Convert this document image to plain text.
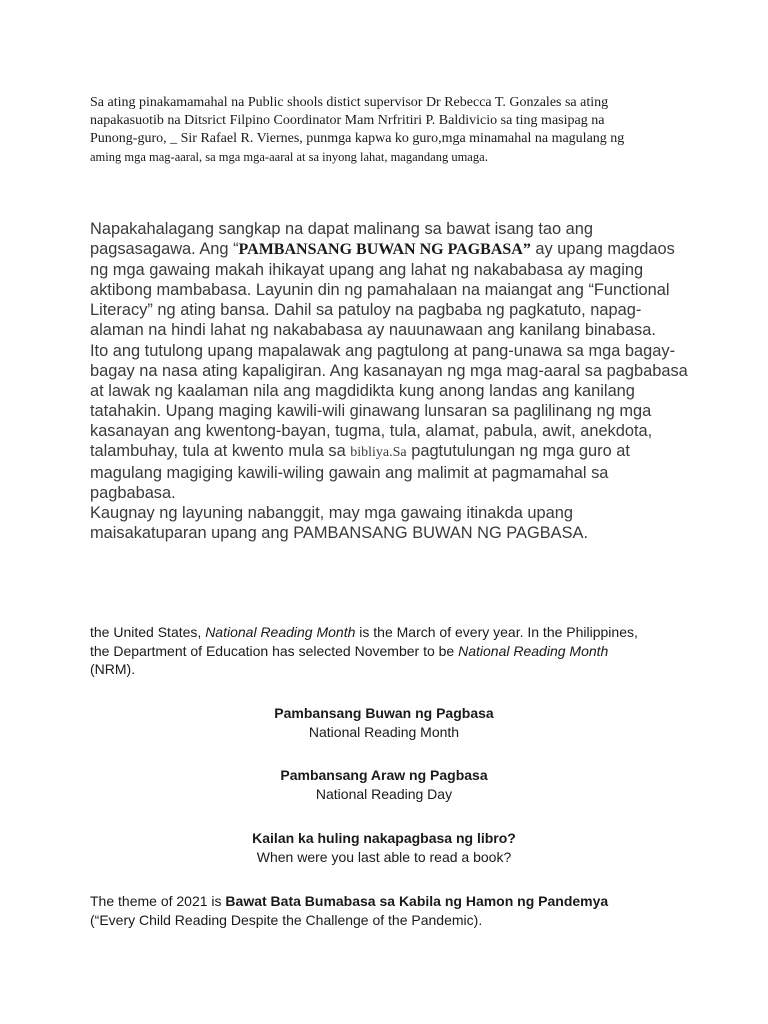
Sa ating pinakamamahal na Public shools distict supervisor Dr Rebecca T. Gonzales sa ating
napakasuotib na Ditsrict Filpino Coordinator Mam Nrfritiri P. Baldivicio sa ting masipag na
Punong-guro, _ Sir Rafael R. Viernes, punmga kapwa ko guro,mga minamahal na magulang ng
aming mga mag-aaral, sa mga mga-aaral at sa inyong lahat, magandang umaga.

Napakahalagang sangkap na dapat malinang sa bawat isang tao ang pagsasagawa. Ang “PAMBANSANG BUWAN NG PAGBASA” ay upang magdaos ng mga gawaing makah ihikayat upang ang lahat ng nakababasa ay maging aktibong mambabasa. Layunin din ng pamahalaan na maiangat ang “Functional Literacy” ng ating bansa. Dahil sa patuloy na pagbaba ng pagkatuto, napag-alaman na hindi lahat ng nakababasa ay nauunawaan ang kanilang binabasa.

Ito ang tutulong upang mapalawak ang pagtulong at pang-unawa sa mga bagay-bagay na nasa ating kapaligiran. Ang kasanayan ng mga mag-aaral sa pagbabasa at lawak ng kaalaman nila ang magdidikta kung anong landas ang kanilang tatahakin. Upang maging kawili-wili ginawang lunsaran sa paglilinang ng mga kasanayan ang kwentong-bayan, tugma, tula, alamat, pabula, awit, anekdota, talambuhay, tula at kwento mula sa bibliya.Sa pagtutulungan ng mga guro at magulang magiging kawili-wiling gawain ang malimit at pagmamahal sa pagbabasa.

Kaugnay ng layuning nabanggit, may mga gawaing itinakda upang maisakatuparan upang ang PAMBANSANG BUWAN NG PAGBASA.

the United States, National Reading Month is the March of every year. In the Philippines, the Department of Education has selected November to be National Reading Month (NRM).

Pambansang Buwan ng Pagbasa
National Reading Month
Pambansang Araw ng Pagbasa
National Reading Day
Kailan ka huling nakapagbasa ng libro?
When were you last able to read a book?

The theme of 2021 is Bawat Bata Bumabasa sa Kabila ng Hamon ng Pandemya (“Every Child Reading Despite the Challenge of the Pandemic).
